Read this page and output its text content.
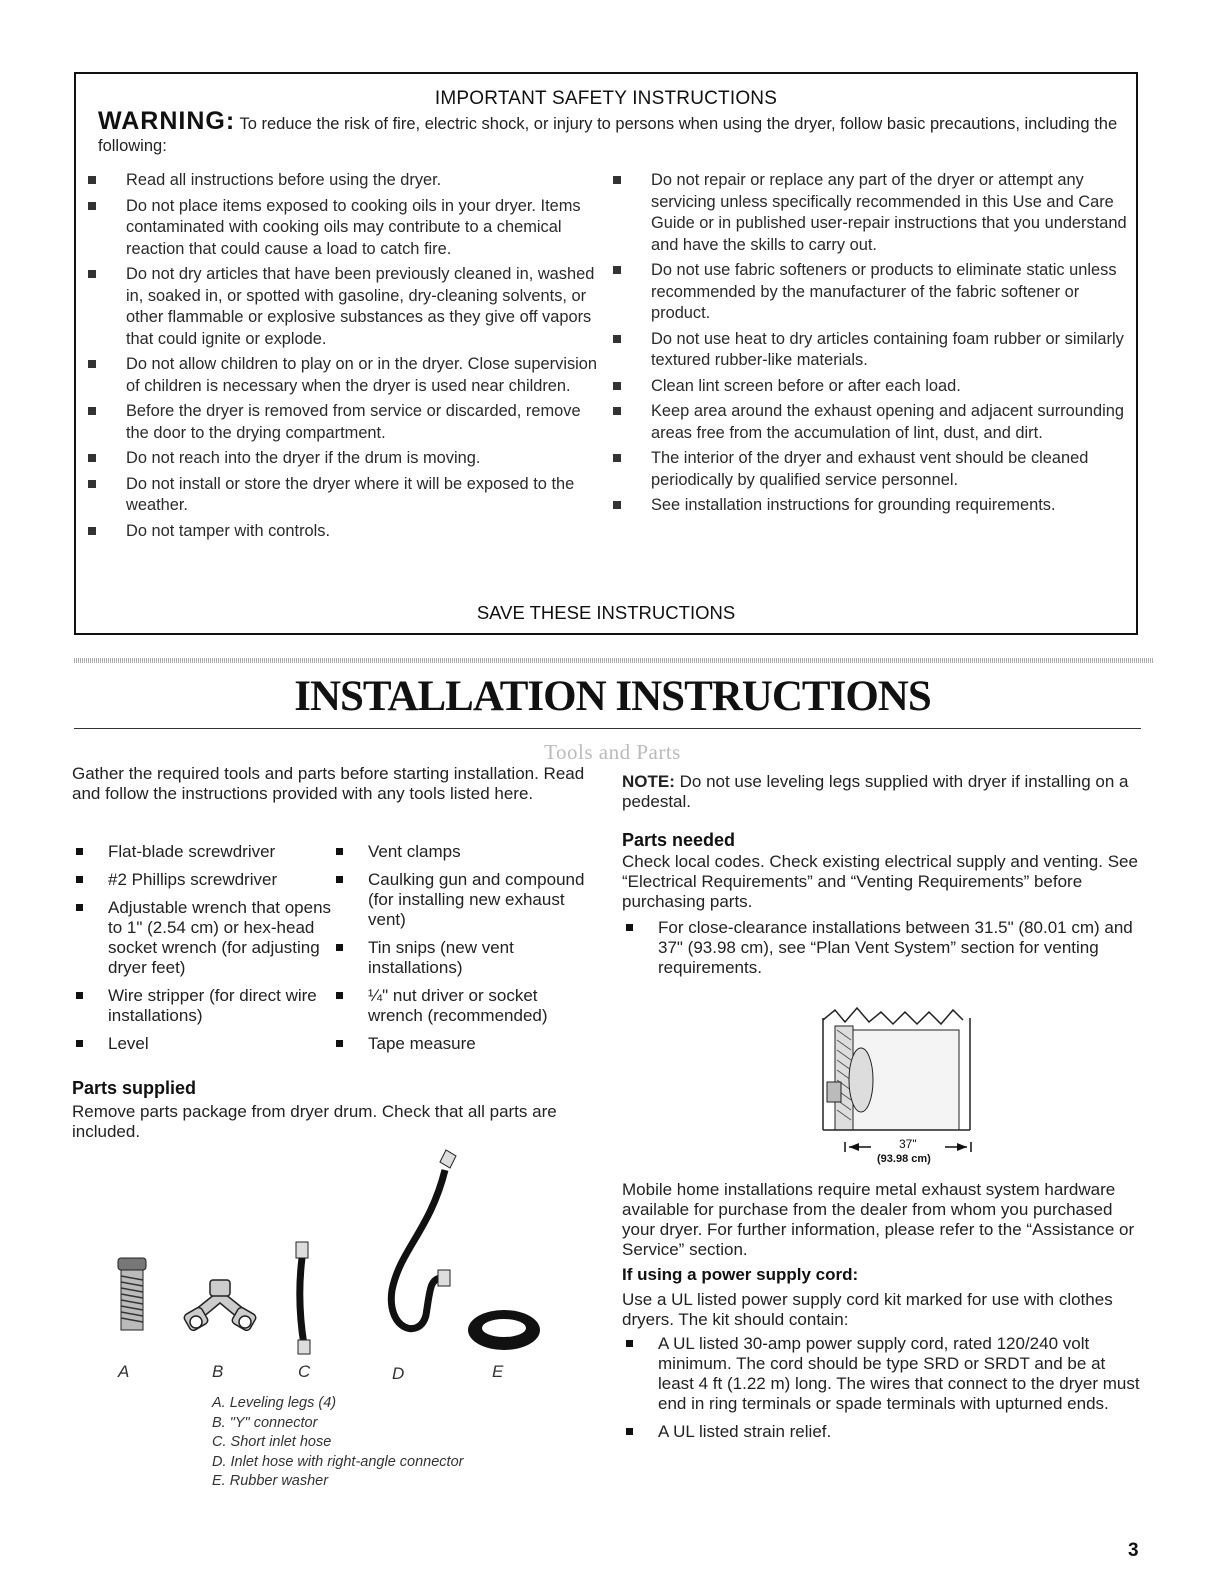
IMPORTANT SAFETY INSTRUCTIONS
WARNING: To reduce the risk of fire, electric shock, or injury to persons when using the dryer, follow basic precautions, including the following:
Read all instructions before using the dryer.
Do not place items exposed to cooking oils in your dryer. Items contaminated with cooking oils may contribute to a chemical reaction that could cause a load to catch fire.
Do not dry articles that have been previously cleaned in, washed in, soaked in, or spotted with gasoline, dry-cleaning solvents, or other flammable or explosive substances as they give off vapors that could ignite or explode.
Do not allow children to play on or in the dryer. Close supervision of children is necessary when the dryer is used near children.
Before the dryer is removed from service or discarded, remove the door to the drying compartment.
Do not reach into the dryer if the drum is moving.
Do not install or store the dryer where it will be exposed to the weather.
Do not tamper with controls.
Do not repair or replace any part of the dryer or attempt any servicing unless specifically recommended in this Use and Care Guide or in published user-repair instructions that you understand and have the skills to carry out.
Do not use fabric softeners or products to eliminate static unless recommended by the manufacturer of the fabric softener or product.
Do not use heat to dry articles containing foam rubber or similarly textured rubber-like materials.
Clean lint screen before or after each load.
Keep area around the exhaust opening and adjacent surrounding areas free from the accumulation of lint, dust, and dirt.
The interior of the dryer and exhaust vent should be cleaned periodically by qualified service personnel.
See installation instructions for grounding requirements.
SAVE THESE INSTRUCTIONS
INSTALLATION INSTRUCTIONS
Tools and Parts
Gather the required tools and parts before starting installation. Read and follow the instructions provided with any tools listed here.
Flat-blade screwdriver
#2 Phillips screwdriver
Adjustable wrench that opens to 1" (2.54 cm) or hex-head socket wrench (for adjusting dryer feet)
Wire stripper (for direct wire installations)
Level
Vent clamps
Caulking gun and compound (for installing new exhaust vent)
Tin snips (new vent installations)
¼" nut driver or socket wrench (recommended)
Tape measure
Parts supplied
Remove parts package from dryer drum. Check that all parts are included.
A	B	C	D	E
A. Leveling legs (4)
B. "Y" connector
C. Short inlet hose
D. Inlet hose with right-angle connector
E. Rubber washer
NOTE: Do not use leveling legs supplied with dryer if installing on a pedestal.
Parts needed
Check local codes. Check existing electrical supply and venting. See “Electrical Requirements” and “Venting Requirements” before purchasing parts.
For close-clearance installations between 31.5" (80.01 cm) and 37" (93.98 cm), see “Plan Vent System” section for venting requirements.
37"
(93.98 cm)
Mobile home installations require metal exhaust system hardware available for purchase from the dealer from whom you purchased your dryer. For further information, please refer to the “Assistance or Service” section.
If using a power supply cord:
Use a UL listed power supply cord kit marked for use with clothes dryers. The kit should contain:
A UL listed 30-amp power supply cord, rated 120/240 volt minimum. The cord should be type SRD or SRDT and be at least 4 ft (1.22 m) long. The wires that connect to the dryer must end in ring terminals or spade terminals with upturned ends.
A UL listed strain relief.
3
